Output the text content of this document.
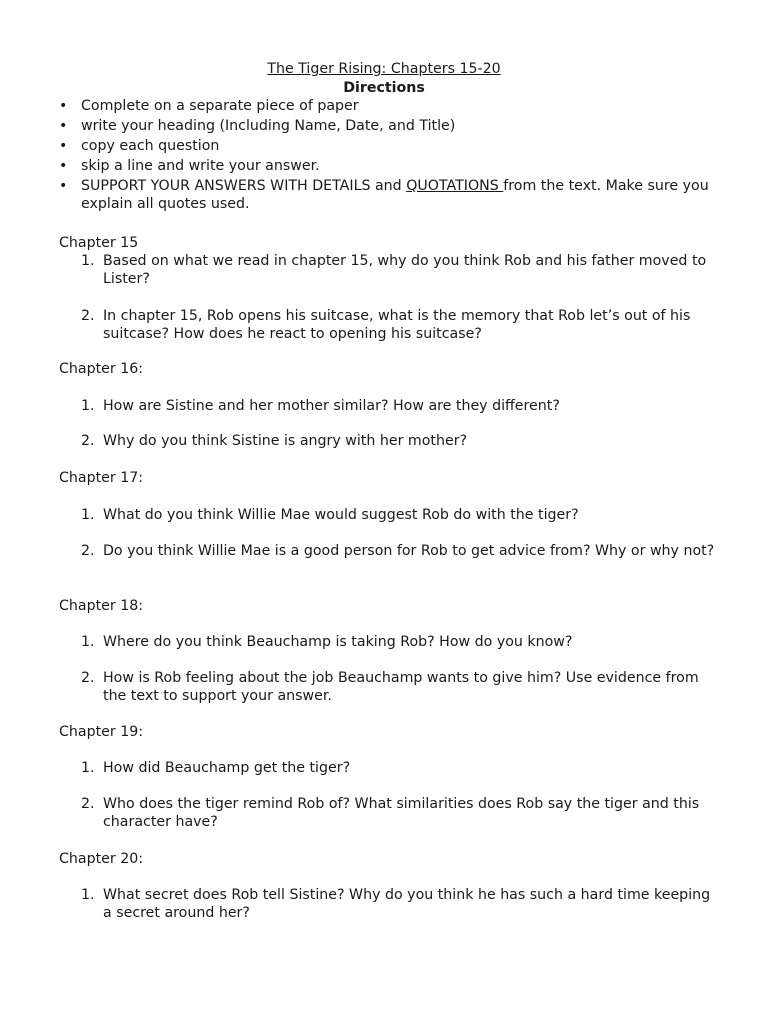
The Tiger Rising: Chapters 15-20
Directions
• Complete on a separate piece of paper
• write your heading (Including Name, Date, and Title)
• copy each question
• skip a line and write your answer.
• SUPPORT YOUR ANSWERS WITH DETAILS and QUOTATIONS from the text. Make sure you explain all quotes used.
Chapter 15
1. Based on what we read in chapter 15, why do you think Rob and his father moved to Lister?
2. In chapter 15, Rob opens his suitcase, what is the memory that Rob let’s out of his suitcase? How does he react to opening his suitcase?
Chapter 16:
1. How are Sistine and her mother similar? How are they different?
2. Why do you think Sistine is angry with her mother?
Chapter 17:
1. What do you think Willie Mae would suggest Rob do with the tiger?
2. Do you think Willie Mae is a good person for Rob to get advice from? Why or why not?
Chapter 18:
1. Where do you think Beauchamp is taking Rob? How do you know?
2. How is Rob feeling about the job Beauchamp wants to give him? Use evidence from the text to support your answer.
Chapter 19:
1. How did Beauchamp get the tiger?
2. Who does the tiger remind Rob of? What similarities does Rob say the tiger and this character have?
Chapter 20:
1. What secret does Rob tell Sistine? Why do you think he has such a hard time keeping a secret around her?
